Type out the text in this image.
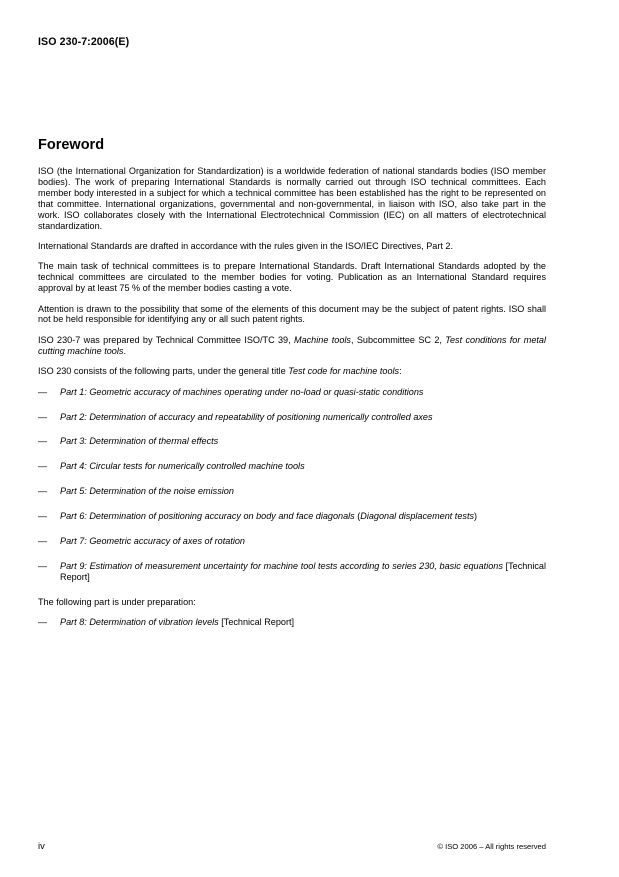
ISO 230-7:2006(E)
Foreword

ISO (the International Organization for Standardization) is a worldwide federation of national standards bodies (ISO member bodies). The work of preparing International Standards is normally carried out through ISO technical committees. Each member body interested in a subject for which a technical committee has been established has the right to be represented on that committee. International organizations, governmental and non-governmental, in liaison with ISO, also take part in the work. ISO collaborates closely with the International Electrotechnical Commission (IEC) on all matters of electrotechnical standardization.

International Standards are drafted in accordance with the rules given in the ISO/IEC Directives, Part 2.

The main task of technical committees is to prepare International Standards. Draft International Standards adopted by the technical committees are circulated to the member bodies for voting. Publication as an International Standard requires approval by at least 75 % of the member bodies casting a vote.

Attention is drawn to the possibility that some of the elements of this document may be the subject of patent rights. ISO shall not be held responsible for identifying any or all such patent rights.

ISO 230-7 was prepared by Technical Committee ISO/TC 39, Machine tools, Subcommittee SC 2, Test conditions for metal cutting machine tools.

ISO 230 consists of the following parts, under the general title Test code for machine tools:

— Part 1: Geometric accuracy of machines operating under no-load or quasi-static conditions
— Part 2: Determination of accuracy and repeatability of positioning numerically controlled axes
— Part 3: Determination of thermal effects
— Part 4: Circular tests for numerically controlled machine tools
— Part 5: Determination of the noise emission
— Part 6: Determination of positioning accuracy on body and face diagonals (Diagonal displacement tests)
— Part 7: Geometric accuracy of axes of rotation
— Part 9: Estimation of measurement uncertainty for machine tool tests according to series 230, basic equations [Technical Report]

The following part is under preparation:

— Part 8: Determination of vibration levels [Technical Report]
iv	© ISO 2006 – All rights reserved
